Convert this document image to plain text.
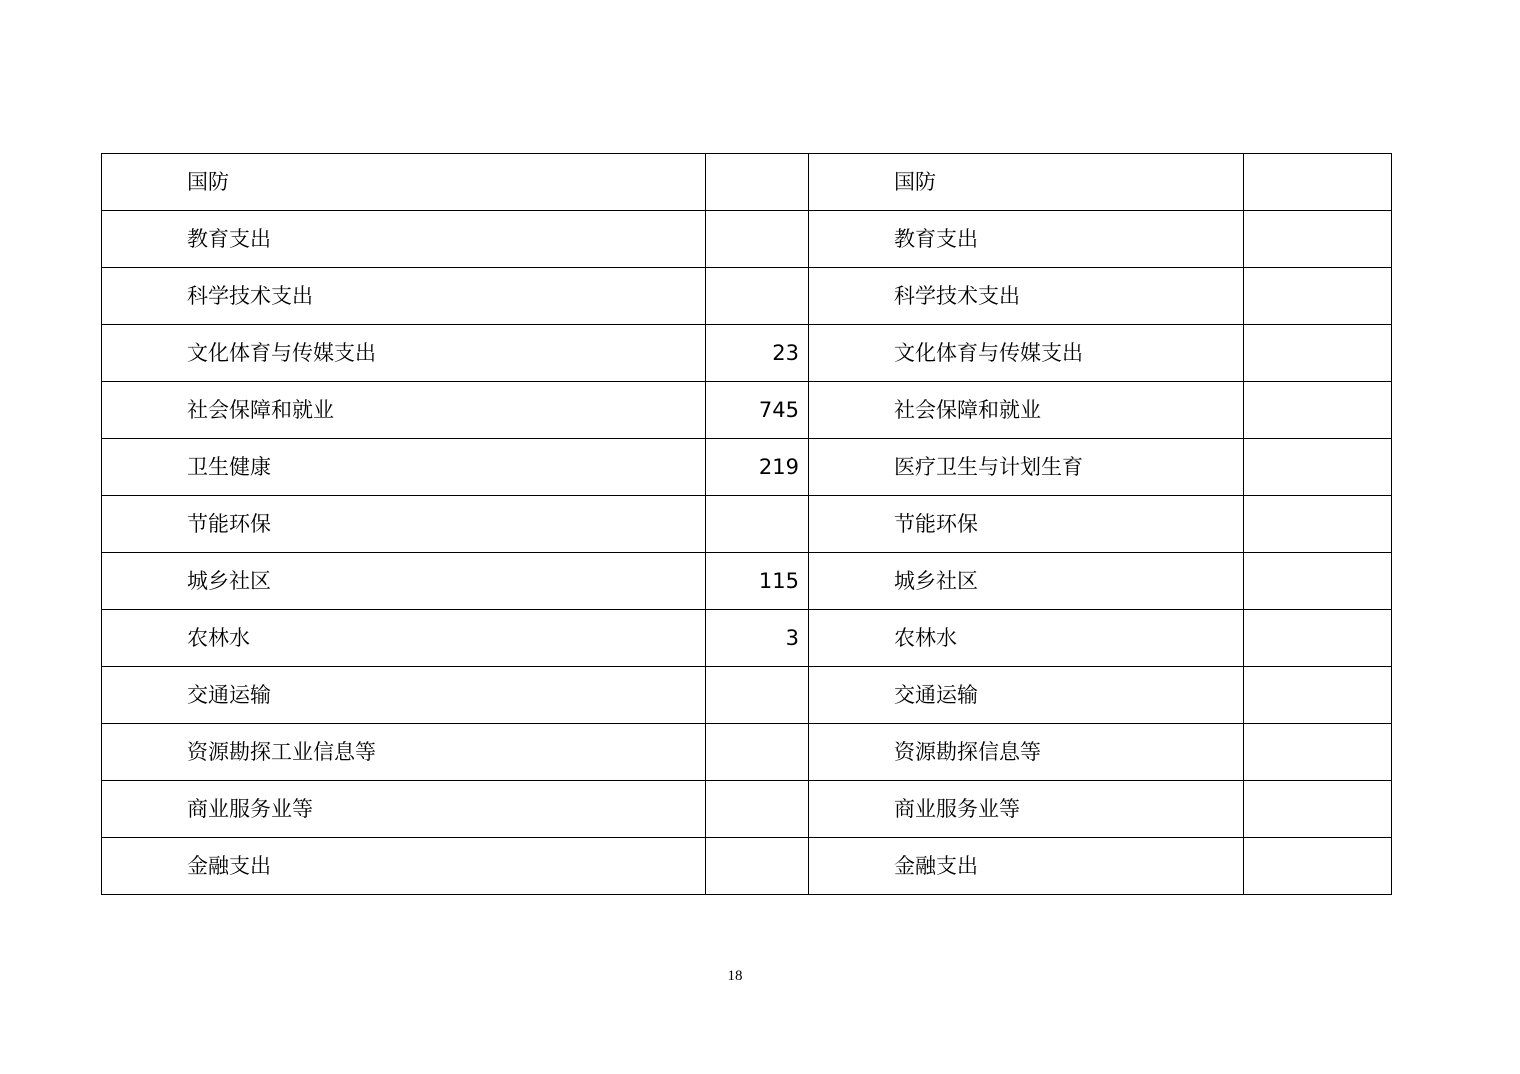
国防		国防	
教育支出		教育支出	
科学技术支出		科学技术支出	
文化体育与传媒支出	23	文化体育与传媒支出	
社会保障和就业	745	社会保障和就业	
卫生健康	219	医疗卫生与计划生育	
节能环保		节能环保	
城乡社区	115	城乡社区	
农林水	3	农林水	
交通运输		交通运输	
资源勘探工业信息等		资源勘探信息等	
商业服务业等		商业服务业等	
金融支出		金融支出	
18
